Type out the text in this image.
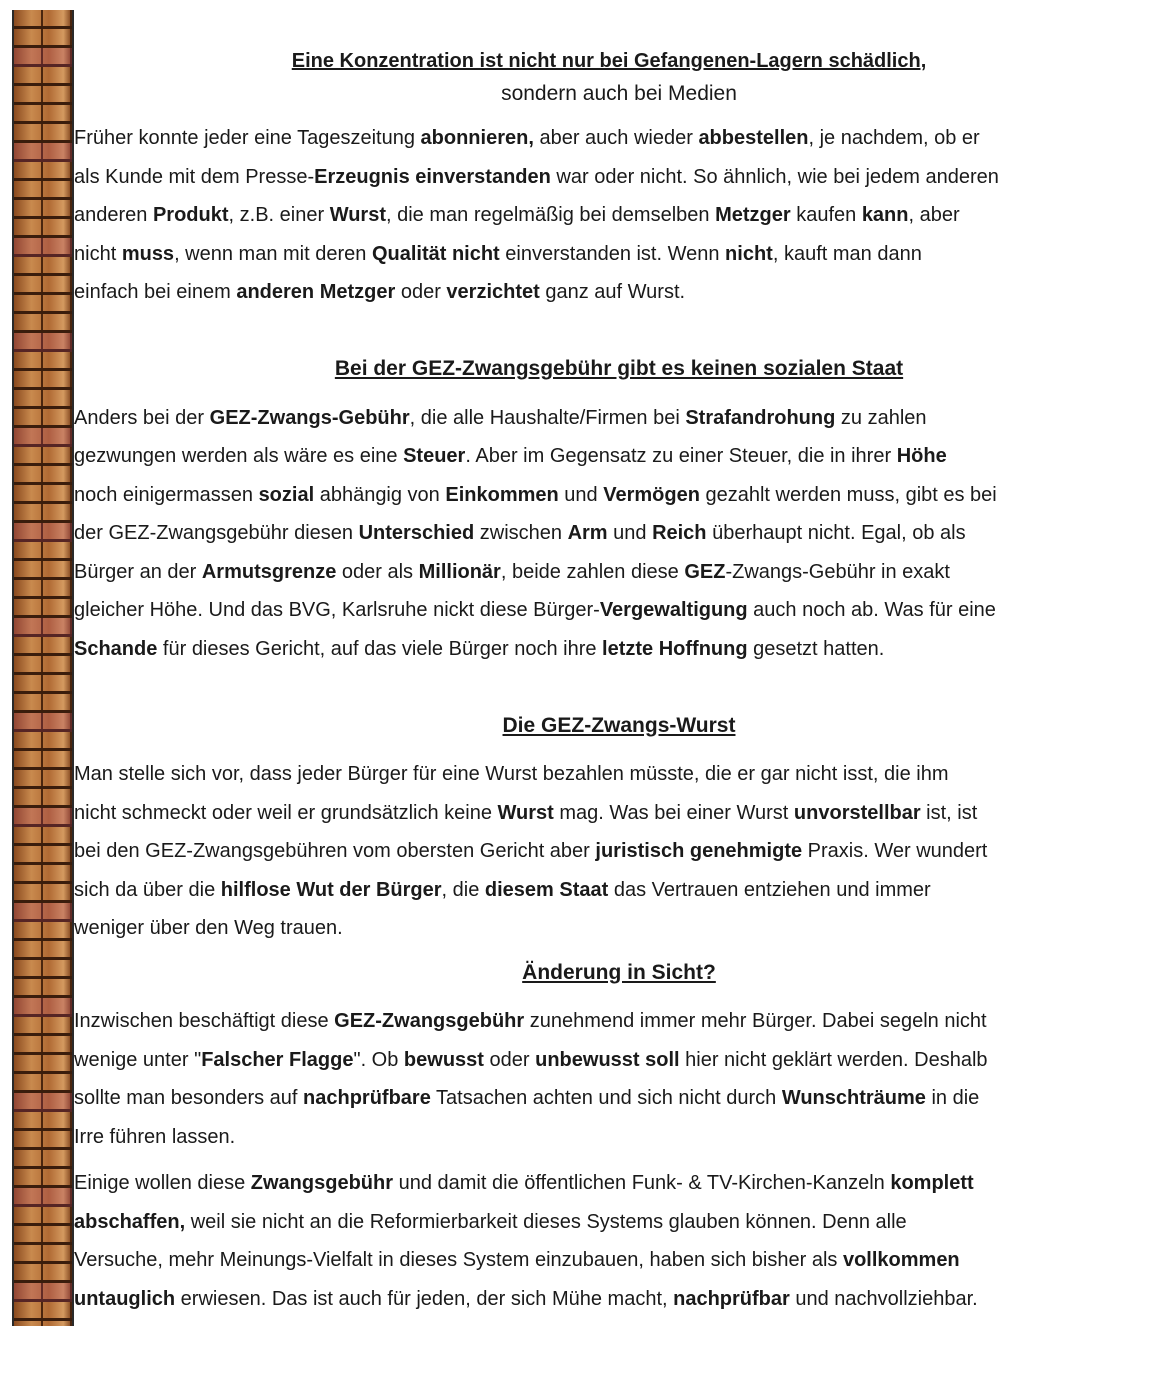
Eine Konzentration ist nicht nur bei Gefangenen-Lagern schädlich,
sondern auch bei Medien
Früher konnte jeder eine Tageszeitung abonnieren, aber auch wieder abbestellen, je nachdem, ob er
als Kunde mit dem Presse-Erzeugnis einverstanden war oder nicht. So ähnlich, wie bei jedem anderen
anderen Produkt, z.B. einer Wurst, die man regelmäßig bei demselben Metzger kaufen kann, aber
nicht muss, wenn man mit deren Qualität nicht einverstanden ist. Wenn nicht, kauft man dann
einfach bei einem anderen Metzger oder verzichtet ganz auf Wurst.
Bei der GEZ-Zwangsgebühr gibt es keinen sozialen Staat
Anders bei der GEZ-Zwangs-Gebühr, die alle Haushalte/Firmen bei Strafandrohung zu zahlen
gezwungen werden als wäre es eine Steuer. Aber im Gegensatz zu einer Steuer, die in ihrer Höhe
noch einigermassen sozial abhängig von Einkommen und Vermögen gezahlt werden muss, gibt es bei
der GEZ-Zwangsgebühr diesen Unterschied zwischen Arm und Reich überhaupt nicht. Egal, ob als
Bürger an der Armutsgrenze oder als Millionär, beide zahlen diese GEZ-Zwangs-Gebühr in exakt
gleicher Höhe. Und das BVG, Karlsruhe nickt diese Bürger-Vergewaltigung auch noch ab. Was für eine
Schande für dieses Gericht, auf das viele Bürger noch ihre letzte Hoffnung gesetzt hatten.
Die GEZ-Zwangs-Wurst
Man stelle sich vor, dass jeder Bürger für eine Wurst bezahlen müsste, die er gar nicht isst, die ihm
nicht schmeckt oder weil er grundsätzlich keine Wurst mag. Was bei einer Wurst unvorstellbar ist, ist
bei den GEZ-Zwangsgebühren vom obersten Gericht aber juristisch genehmigte Praxis. Wer wundert
sich da über die hilflose Wut der Bürger, die diesem Staat das Vertrauen entziehen und immer
weniger über den Weg trauen.
Änderung in Sicht?
Inzwischen beschäftigt diese GEZ-Zwangsgebühr zunehmend immer mehr Bürger. Dabei segeln nicht
wenige unter "Falscher Flagge". Ob bewusst oder unbewusst soll hier nicht geklärt werden. Deshalb
sollte man besonders auf nachprüfbare Tatsachen achten und sich nicht durch Wunschträume in die
Irre führen lassen.
Einige wollen diese Zwangsgebühr und damit die öffentlichen Funk- & TV-Kirchen-Kanzeln komplett
abschaffen, weil sie nicht an die Reformierbarkeit dieses Systems glauben können. Denn alle
Versuche, mehr Meinungs-Vielfalt in dieses System einzubauen, haben sich bisher als vollkommen
untauglich erwiesen. Das ist auch für jeden, der sich Mühe macht, nachprüfbar und nachvollziehbar.
